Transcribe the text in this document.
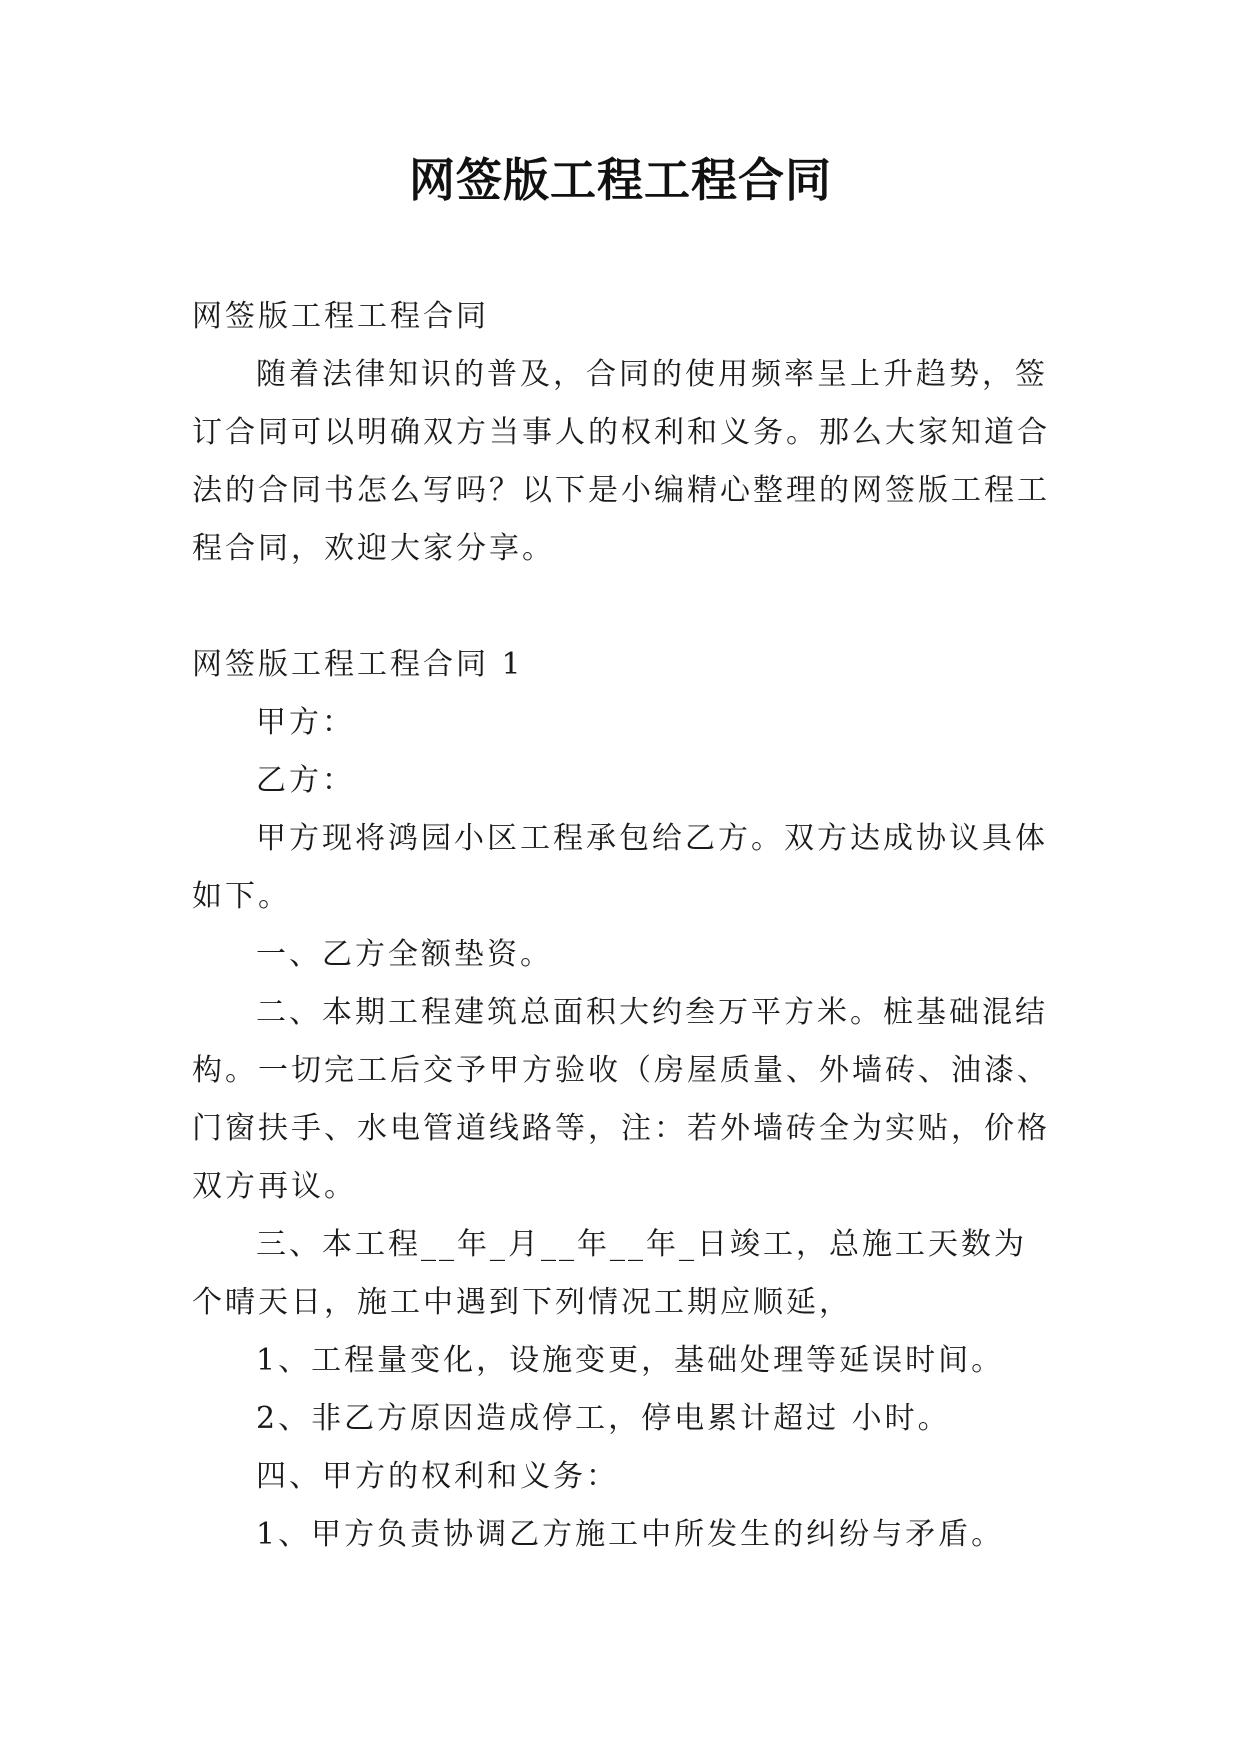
网签版工程工程合同

网签版工程工程合同

随着法律知识的普及，合同的使用频率呈上升趋势，签订合同可以明确双方当事人的权利和义务。那么大家知道合法的合同书怎么写吗？以下是小编精心整理的网签版工程工程合同，欢迎大家分享。

网签版工程工程合同 1

甲方：

乙方：

甲方现将鸿园小区工程承包给乙方。双方达成协议具体如下。

一、乙方全额垫资。

二、本期工程建筑总面积大约叁万平方米。桩基础混结构。一切完工后交予甲方验收（房屋质量、外墙砖、油漆、门窗扶手、水电管道线路等，注：若外墙砖全为实贴，价格双方再议。

三、本工程__年_月__年__年_日竣工，总施工天数为个晴天日，施工中遇到下列情况工期应顺延，

1、工程量变化，设施变更，基础处理等延误时间。

2、非乙方原因造成停工，停电累计超过 小时。

四、甲方的权利和义务：

1、甲方负责协调乙方施工中所发生的纠纷与矛盾。
